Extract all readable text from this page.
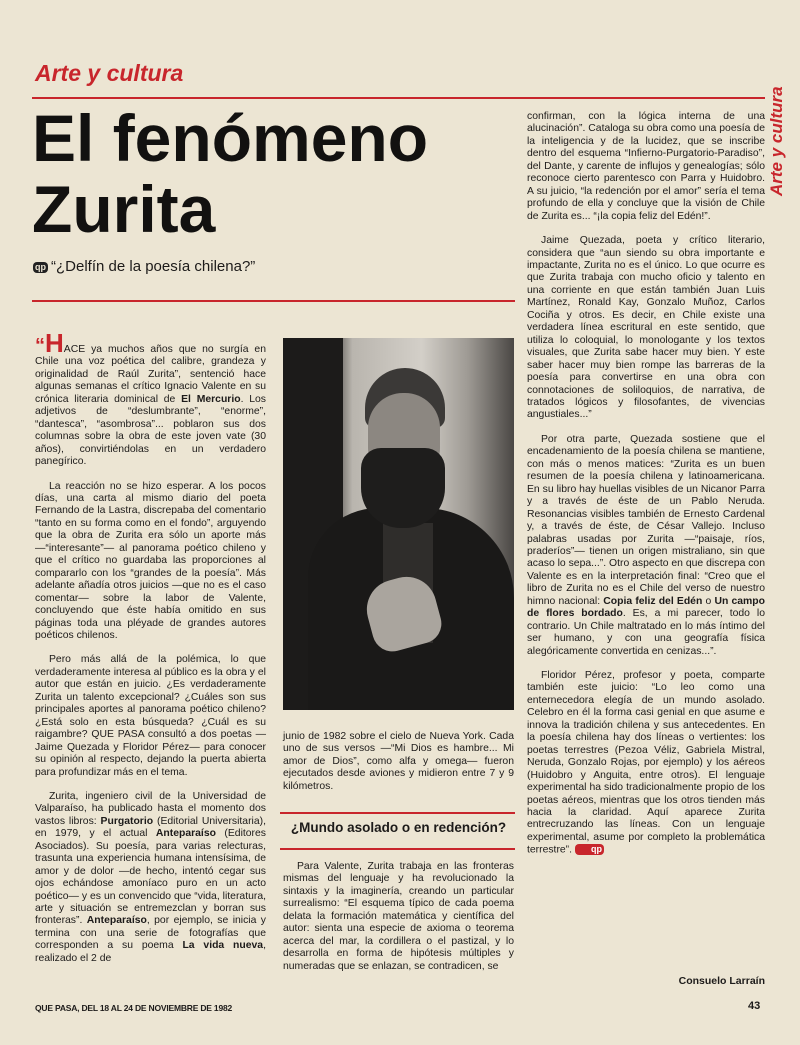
Arte y cultura
Arte y cultura
El fenómeno
Zurita
qp “¿Delfín de la poesía chilena?”

“HACE ya muchos años que no surgía en Chile una voz poética del calibre, grandeza y originalidad de Raúl Zurita”, sentenció hace algunas semanas el crítico Ignacio Valente en su crónica literaria dominical de El Mercurio. Los adjetivos de “deslumbrante”, “enorme”, “dantesca”, “asombrosa”... poblaron sus dos columnas sobre la obra de este joven vate (30 años), convirtiéndolas en un verdadero panegírico.

La reacción no se hizo esperar. A los pocos días, una carta al mismo diario del poeta Fernando de la Lastra, discrepaba del comentario “tanto en su forma como en el fondo”, arguyendo que la obra de Zurita era sólo un aporte más —“interesante”— al panorama poético chileno y que el crítico no guardaba las proporciones al compararlo con los “grandes de la poesía”. Más adelante añadía otros juicios —que no es el caso comentar— sobre la labor de Valente, concluyendo que éste había omitido en sus páginas toda una pléyade de grandes autores poéticos chilenos.

Pero más allá de la polémica, lo que verdaderamente interesa al público es la obra y el autor que están en juicio. ¿Es verdaderamente Zurita un talento excepcional? ¿Cuáles son sus principales aportes al panorama poético chileno? ¿Está solo en esta búsqueda? ¿Cuál es su raigambre? QUE PASA consultó a dos poetas —Jaime Quezada y Floridor Pérez— para conocer su opinión al respecto, dejando la puerta abierta para profundizar más en el tema.

Zurita, ingeniero civil de la Universidad de Valparaíso, ha publicado hasta el momento dos vastos libros: Purgatorio (Editorial Universitaria), en 1979, y el actual Anteparaíso (Editores Asociados). Su poesía, para varias relecturas, trasunta una experiencia humana intensísima, de amor y de dolor —de hecho, intentó cegar sus ojos echándose amoníaco puro en un acto poético— y es un convencido que “vida, literatura, arte y situación se entremezclan y borran sus fronteras”. Anteparaíso, por ejemplo, se inicia y termina con una serie de fotografías que corresponden a su poema La vida nueva, realizado el 2 de

junio de 1982 sobre el cielo de Nueva York. Cada uno de sus versos —“Mi Dios es hambre... Mi amor de Dios”, como alfa y omega— fueron ejecutados desde aviones y midieron entre 7 y 9 kilómetros.

¿Mundo asolado o en redención?

Para Valente, Zurita trabaja en las fronteras mismas del lenguaje y ha revolucionado la sintaxis y la imaginería, creando un particular surrealismo: “El esquema típico de cada poema delata la formación matemática y científica del autor: sienta una especie de axioma o teorema acerca del mar, la cordillera o el pastizal, y lo desarrolla en forma de hipótesis múltiples y numeradas que se enlazan, se contradicen, se

confirman, con la lógica interna de una alucinación”. Cataloga su obra como una poesía de la inteligencia y de la lucidez, que se inscribe dentro del esquema “Infierno-Purgatorio-Paradiso”, del Dante, y carente de influjos y genealogías; sólo reconoce cierto parentesco con Parra y Huidobro. A su juicio, “la redención por el amor” sería el tema profundo de ella y concluye que la visión de Chile de Zurita es... “¡la copia feliz del Edén!”.

Jaime Quezada, poeta y crítico literario, considera que “aun siendo su obra importante e impactante, Zurita no es el único. Lo que ocurre es que Zurita trabaja con mucho oficio y talento en una corriente en que están también Juan Luis Martínez, Ronald Kay, Gonzalo Muñoz, Carlos Cociña y otros. Es decir, en Chile existe una verdadera línea escritural en este sentido, que utiliza lo coloquial, lo monologante y los textos visuales, que Zurita sabe hacer muy bien. Y este saber hacer muy bien rompe las barreras de la poesía para convertirse en una obra con connotaciones de soliloquios, de narrativa, de tratados lógicos y filosofantes, de vivencias angustiales...”

Por otra parte, Quezada sostiene que el encadenamiento de la poesía chilena se mantiene, con más o menos matices: “Zurita es un buen resumen de la poesía chilena y latinoamericana. En su libro hay huellas visibles de un Nicanor Parra y a través de éste de un Pablo Neruda. Resonancias visibles también de Ernesto Cardenal y, a través de éste, de César Vallejo. Incluso palabras usadas por Zurita —“paisaje, ríos, praderíos”— tienen un origen mistraliano, sin que acaso lo sepa...”. Otro aspecto en que discrepa con Valente es en la interpretación final: “Creo que el libro de Zurita no es el Chile del verso de nuestro himno nacional: Copia feliz del Edén o Un campo de flores bordado. Es, a mi parecer, todo lo contrario. Un Chile maltratado en lo más íntimo del ser humano, y con una geografía física alegóricamente convertida en cenizas...”.

Floridor Pérez, profesor y poeta, comparte también este juicio: “Lo leo como una enternecedora elegía de un mundo asolado. Celebro en él la forma casi genial en que asume e innova la tradición chilena y sus antecedentes. En la poesía chilena hay dos líneas o vertientes: los poetas terrestres (Pezoa Véliz, Gabriela Mistral, Neruda, Gonzalo Rojas, por ejemplo) y los aéreos (Huidobro y Anguita, entre otros). El lenguaje experimental ha sido tradicionalmente propio de los poetas aéreos, mientras que los otros tienden más hacia la claridad. Aquí aparece Zurita entrecruzando las líneas. Con un lenguaje experimental, asume por completo la problemática terrestre”. qp

Consuelo Larraín
QUE PASA, DEL 18 AL 24 DE NOVIEMBRE DE 1982	43
